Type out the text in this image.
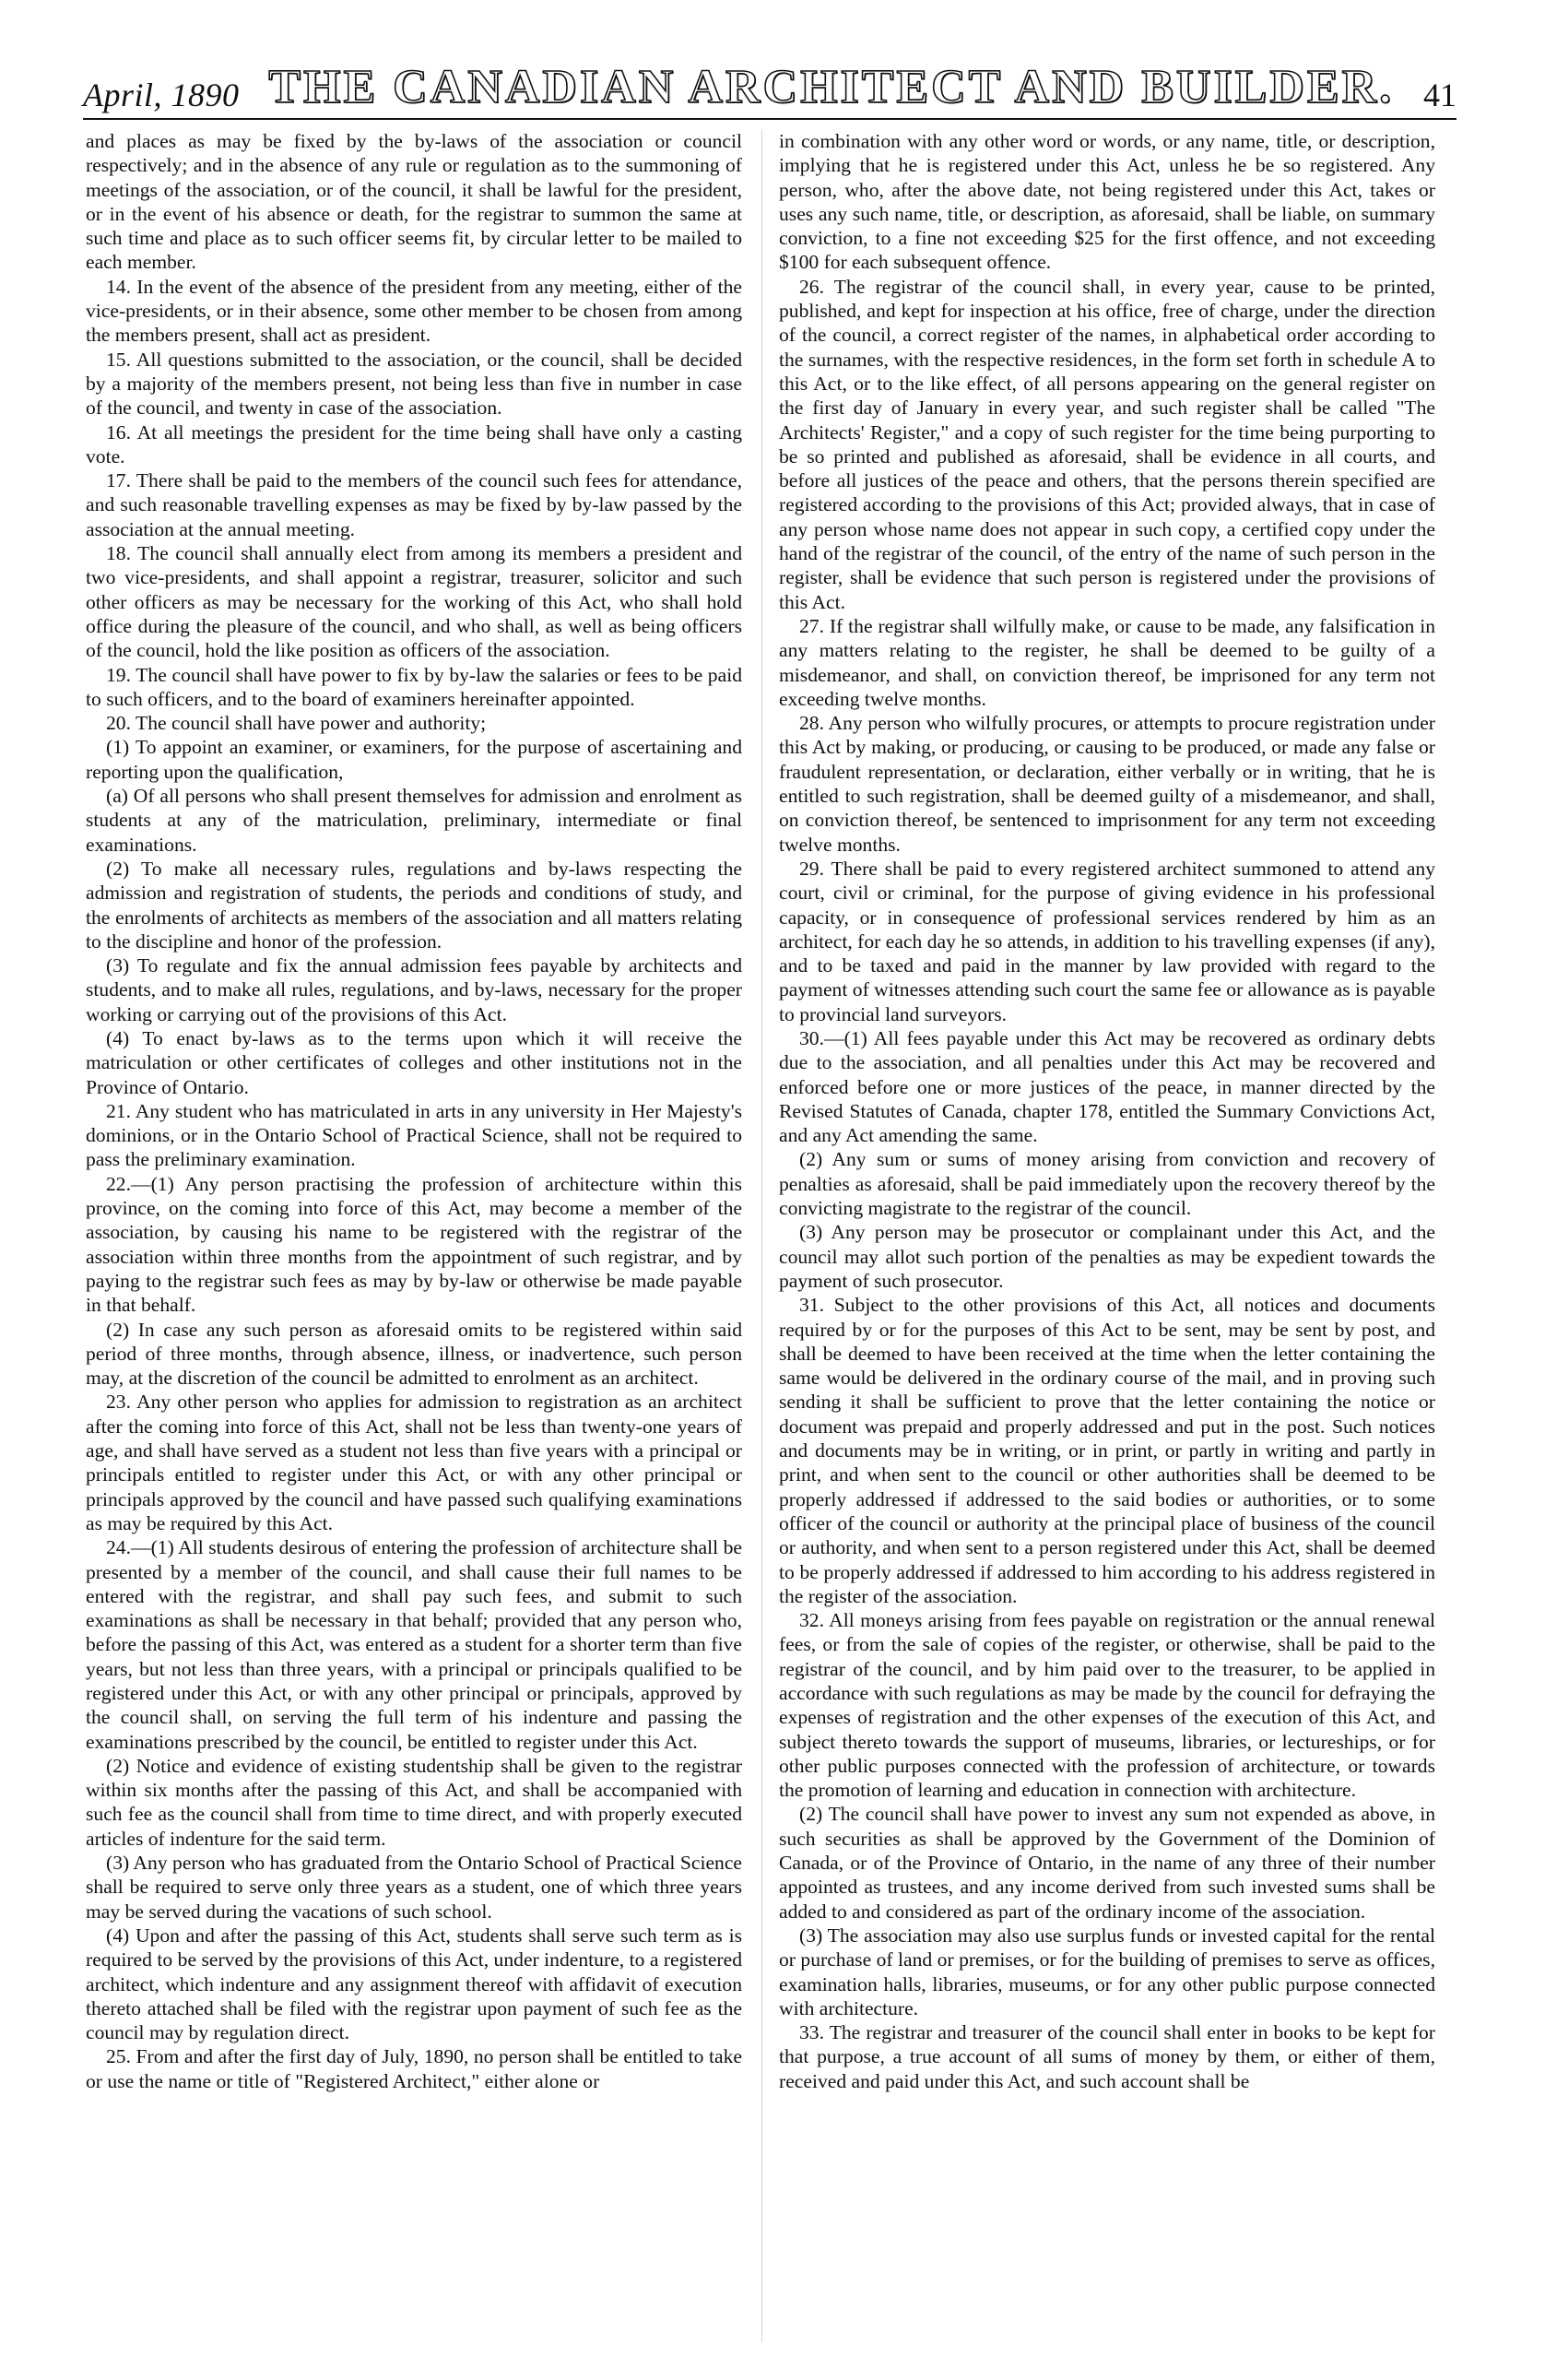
April, 1890 THE CANADIAN ARCHITECT AND BUILDER. 41

and places as may be fixed by the by-laws of the association or council respectively; and in the absence of any rule or regulation as to the summoning of meetings of the association, or of the council, it shall be lawful for the president, or in the event of his absence or death, for the registrar to summon the same at such time and place as to such officer seems fit, by circular letter to be mailed to each member.

14. In the event of the absence of the president from any meeting, either of the vice-presidents, or in their absence, some other member to be chosen from among the members present, shall act as president.

15. All questions submitted to the association, or the council, shall be decided by a majority of the members present, not being less than five in number in case of the council, and twenty in case of the association.

16. At all meetings the president for the time being shall have only a casting vote.

17. There shall be paid to the members of the council such fees for attendance, and such reasonable travelling expenses as may be fixed by by-law passed by the association at the annual meeting.

18. The council shall annually elect from among its members a president and two vice-presidents, and shall appoint a registrar, treasurer, solicitor and such other officers as may be necessary for the working of this Act, who shall hold office during the pleasure of the council, and who shall, as well as being officers of the council, hold the like position as officers of the association.

19. The council shall have power to fix by by-law the salaries or fees to be paid to such officers, and to the board of examiners hereinafter appointed.

20. The council shall have power and authority;

(1) To appoint an examiner, or examiners, for the purpose of ascertaining and reporting upon the qualification,

(a) Of all persons who shall present themselves for admission and enrolment as students at any of the matriculation, preliminary, intermediate or final examinations.

(2) To make all necessary rules, regulations and by-laws respecting the admission and registration of students, the periods and conditions of study, and the enrolments of architects as members of the association and all matters relating to the discipline and honor of the profession.

(3) To regulate and fix the annual admission fees payable by architects and students, and to make all rules, regulations, and by-laws, necessary for the proper working or carrying out of the provisions of this Act.

(4) To enact by-laws as to the terms upon which it will receive the matriculation or other certificates of colleges and other institutions not in the Province of Ontario.

21. Any student who has matriculated in arts in any university in Her Majesty's dominions, or in the Ontario School of Practical Science, shall not be required to pass the preliminary examination.

22.—(1) Any person practising the profession of architecture within this province, on the coming into force of this Act, may become a member of the association, by causing his name to be registered with the registrar of the association within three months from the appointment of such registrar, and by paying to the registrar such fees as may by by-law or otherwise be made payable in that behalf.

(2) In case any such person as aforesaid omits to be registered within said period of three months, through absence, illness, or inadvertence, such person may, at the discretion of the council be admitted to enrolment as an architect.

23. Any other person who applies for admission to registration as an architect after the coming into force of this Act, shall not be less than twenty-one years of age, and shall have served as a student not less than five years with a principal or principals entitled to register under this Act, or with any other principal or principals approved by the council and have passed such qualifying examinations as may be required by this Act.

24.—(1) All students desirous of entering the profession of architecture shall be presented by a member of the council, and shall cause their full names to be entered with the registrar, and shall pay such fees, and submit to such examinations as shall be necessary in that behalf; provided that any person who, before the passing of this Act, was entered as a student for a shorter term than five years, but not less than three years, with a principal or principals qualified to be registered under this Act, or with any other principal or principals, approved by the council shall, on serving the full term of his indenture and passing the examinations prescribed by the council, be entitled to register under this Act.

(2) Notice and evidence of existing studentship shall be given to the registrar within six months after the passing of this Act, and shall be accompanied with such fee as the council shall from time to time direct, and with properly executed articles of indenture for the said term.

(3) Any person who has graduated from the Ontario School of Practical Science shall be required to serve only three years as a student, one of which three years may be served during the vacations of such school.

(4) Upon and after the passing of this Act, students shall serve such term as is required to be served by the provisions of this Act, under indenture, to a registered architect, which indenture and any assignment thereof with affidavit of execution thereto attached shall be filed with the registrar upon payment of such fee as the council may by regulation direct.

25. From and after the first day of July, 1890, no person shall be entitled to take or use the name or title of "Registered Architect," either alone or

in combination with any other word or words, or any name, title, or description, implying that he is registered under this Act, unless he be so registered. Any person, who, after the above date, not being registered under this Act, takes or uses any such name, title, or description, as aforesaid, shall be liable, on summary conviction, to a fine not exceeding $25 for the first offence, and not exceeding $100 for each subsequent offence.

26. The registrar of the council shall, in every year, cause to be printed, published, and kept for inspection at his office, free of charge, under the direction of the council, a correct register of the names, in alphabetical order according to the surnames, with the respective residences, in the form set forth in schedule A to this Act, or to the like effect, of all persons appearing on the general register on the first day of January in every year, and such register shall be called "The Architects' Register," and a copy of such register for the time being purporting to be so printed and published as aforesaid, shall be evidence in all courts, and before all justices of the peace and others, that the persons therein specified are registered according to the provisions of this Act; provided always, that in case of any person whose name does not appear in such copy, a certified copy under the hand of the registrar of the council, of the entry of the name of such person in the register, shall be evidence that such person is registered under the provisions of this Act.

27. If the registrar shall wilfully make, or cause to be made, any falsification in any matters relating to the register, he shall be deemed to be guilty of a misdemeanor, and shall, on conviction thereof, be imprisoned for any term not exceeding twelve months.

28. Any person who wilfully procures, or attempts to procure registration under this Act by making, or producing, or causing to be produced, or made any false or fraudulent representation, or declaration, either verbally or in writing, that he is entitled to such registration, shall be deemed guilty of a misdemeanor, and shall, on conviction thereof, be sentenced to imprisonment for any term not exceeding twelve months.

29. There shall be paid to every registered architect summoned to attend any court, civil or criminal, for the purpose of giving evidence in his professional capacity, or in consequence of professional services rendered by him as an architect, for each day he so attends, in addition to his travelling expenses (if any), and to be taxed and paid in the manner by law provided with regard to the payment of witnesses attending such court the same fee or allowance as is payable to provincial land surveyors.

30.—(1) All fees payable under this Act may be recovered as ordinary debts due to the association, and all penalties under this Act may be recovered and enforced before one or more justices of the peace, in manner directed by the Revised Statutes of Canada, chapter 178, entitled the Summary Convictions Act, and any Act amending the same.

(2) Any sum or sums of money arising from conviction and recovery of penalties as aforesaid, shall be paid immediately upon the recovery thereof by the convicting magistrate to the registrar of the council.

(3) Any person may be prosecutor or complainant under this Act, and the council may allot such portion of the penalties as may be expedient towards the payment of such prosecutor.

31. Subject to the other provisions of this Act, all notices and documents required by or for the purposes of this Act to be sent, may be sent by post, and shall be deemed to have been received at the time when the letter containing the same would be delivered in the ordinary course of the mail, and in proving such sending it shall be sufficient to prove that the letter containing the notice or document was prepaid and properly addressed and put in the post. Such notices and documents may be in writing, or in print, or partly in writing and partly in print, and when sent to the council or other authorities shall be deemed to be properly addressed if addressed to the said bodies or authorities, or to some officer of the council or authority at the principal place of business of the council or authority, and when sent to a person registered under this Act, shall be deemed to be properly addressed if addressed to him according to his address registered in the register of the association.

32. All moneys arising from fees payable on registration or the annual renewal fees, or from the sale of copies of the register, or otherwise, shall be paid to the registrar of the council, and by him paid over to the treasurer, to be applied in accordance with such regulations as may be made by the council for defraying the expenses of registration and the other expenses of the execution of this Act, and subject thereto towards the support of museums, libraries, or lectureships, or for other public purposes connected with the profession of architecture, or towards the promotion of learning and education in connection with architecture.

(2) The council shall have power to invest any sum not expended as above, in such securities as shall be approved by the Government of the Dominion of Canada, or of the Province of Ontario, in the name of any three of their number appointed as trustees, and any income derived from such invested sums shall be added to and considered as part of the ordinary income of the association.

(3) The association may also use surplus funds or invested capital for the rental or purchase of land or premises, or for the building of premises to serve as offices, examination halls, libraries, museums, or for any other public purpose connected with architecture.

33. The registrar and treasurer of the council shall enter in books to be kept for that purpose, a true account of all sums of money by them, or either of them, received and paid under this Act, and such account shall be
